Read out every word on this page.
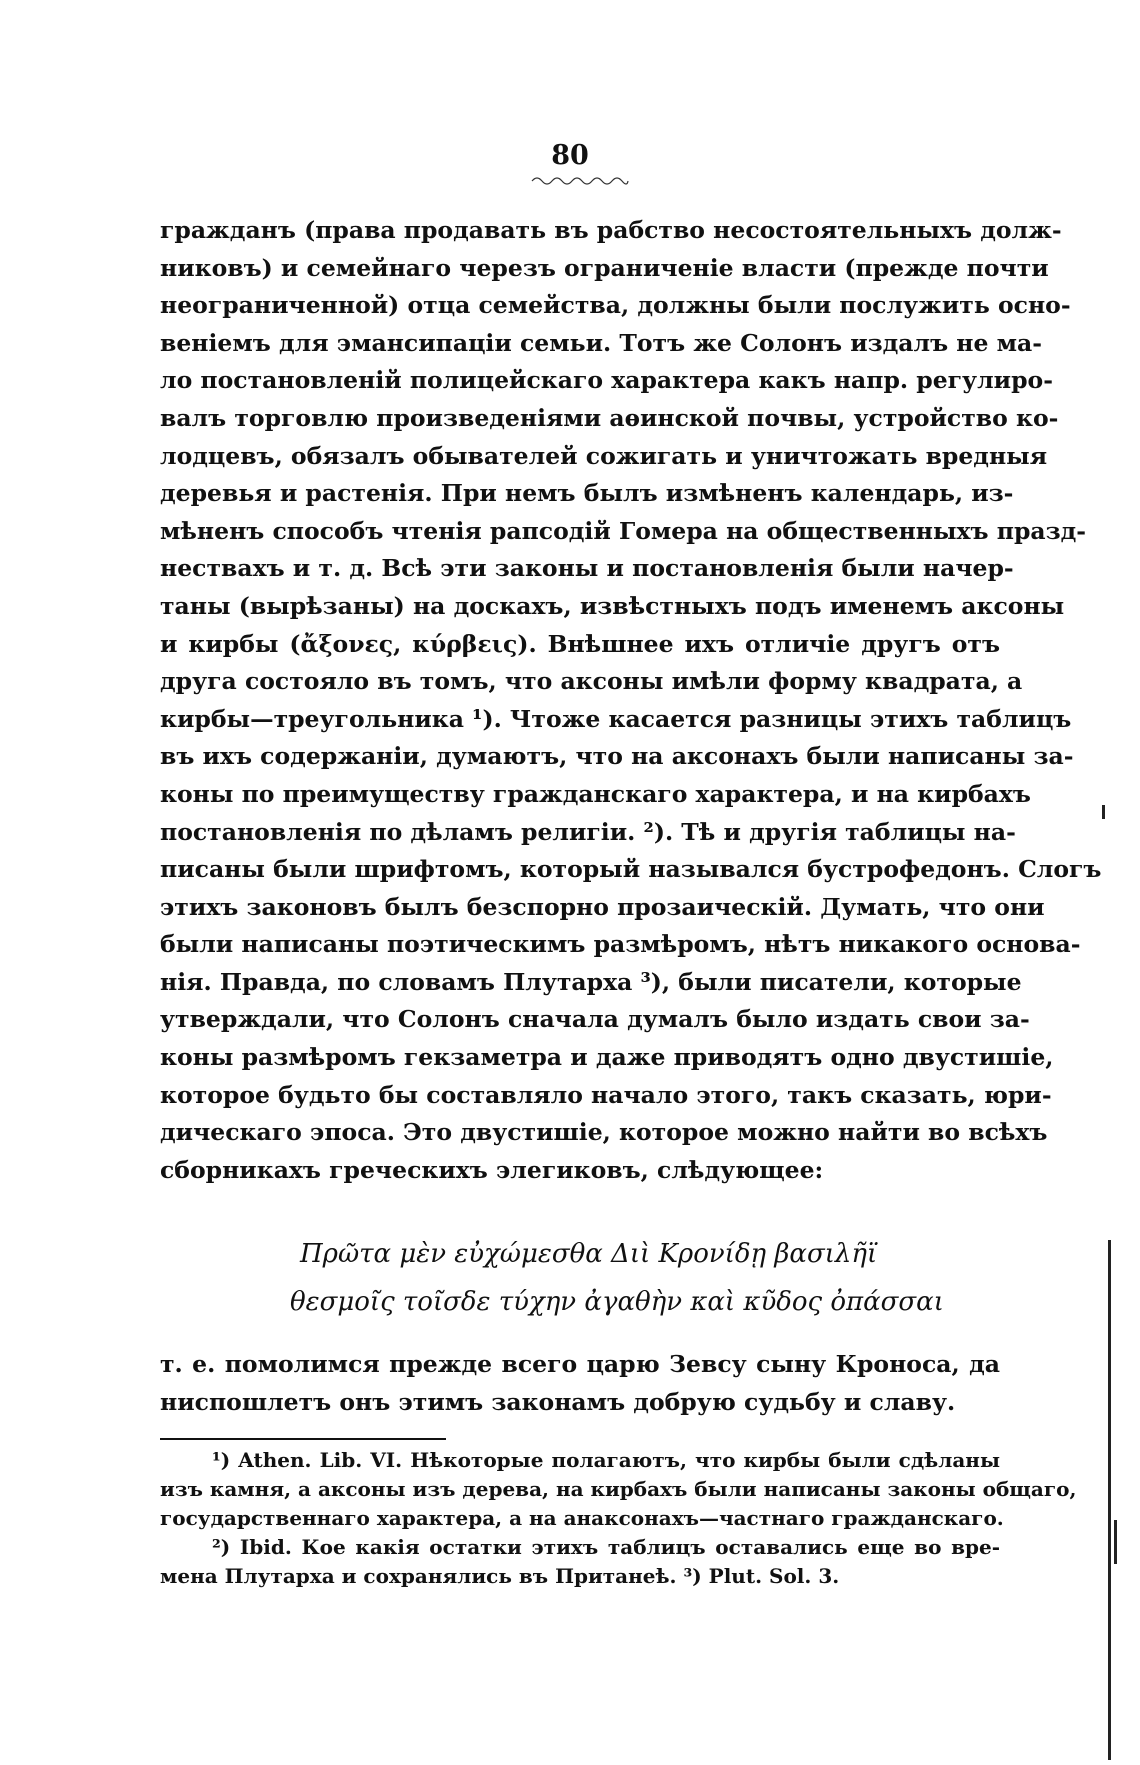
80
гражданъ (права продавать въ рабство несостоятельныхъ долж-
никовъ) и семейнаго черезъ ограниченіе власти (прежде почти
неограниченной) отца семейства, должны были послужить осно-
веніемъ для эмансипаціи семьи. Тотъ же Солонъ издалъ не ма-
ло постановленій полицейскаго характера какъ напр. регулиро-
валъ торговлю произведеніями аѳинской почвы, устройство ко-
лодцевъ, обязалъ обывателей сожигать и уничтожать вредныя
деревья и растенія. При немъ былъ измѣненъ календарь, из-
мѣненъ способъ чтенія рапсодій Гомера на общественныхъ празд-
нествахъ и т. д. Всѣ эти законы и постановленія были начер-
таны (вырѣзаны) на доскахъ, извѣстныхъ подъ именемъ аксоны
и кирбы (ἄξονες, κύρβεις). Внѣшнее ихъ отличіе другъ отъ
друга состояло въ томъ, что аксоны имѣли форму квадрата, а
кирбы—треугольника ¹). Чтоже касается разницы этихъ таблицъ
въ ихъ содержаніи, думаютъ, что на аксонахъ были написаны за-
коны по преимуществу гражданскаго характера, и на кирбахъ
постановленія по дѣламъ религіи. ²). Тѣ и другія таблицы на-
писаны были шрифтомъ, который назывался бустрофедонъ. Слогъ
этихъ законовъ былъ безспорно прозаическій. Думать, что они
были написаны поэтическимъ размѣромъ, нѣтъ никакого основа-
нія. Правда, по словамъ Плутарха ³), были писатели, которые
утверждали, что Солонъ сначала думалъ было издать свои за-
коны размѣромъ гекзаметра и даже приводятъ одно двустишіе,
которое будьто бы составляло начало этого, такъ сказать, юри-
дическаго эпоса. Это двустишіе, которое можно найти во всѣхъ
сборникахъ греческихъ элегиковъ, слѣдующее:
Πρῶτα μὲν εὐχώμεσθα Διὶ Κρονίδῃ βασιλῆϊ
θεσμοῖς τοῖσδε τύχην ἀγαθὴν καὶ κῦδος ὀπάσσαι
т. е. помолимся прежде всего царю Зевсу сыну Кроноса, да
ниспошлетъ онъ этимъ законамъ добрую судьбу и славу.
¹) Athen. Lib. VI. Нѣкоторые полагаютъ, что кирбы были сдѣланы
изъ камня, а аксоны изъ дерева, на кирбахъ были написаны законы общаго,
государственнаго характера, а на анаксонахъ—частнаго гражданскаго.
²) Ibid. Кое какія остатки этихъ таблицъ оставались еще во вре-
мена Плутарха и сохранялись въ Пританеѣ. ³) Plut. Sol. 3.
